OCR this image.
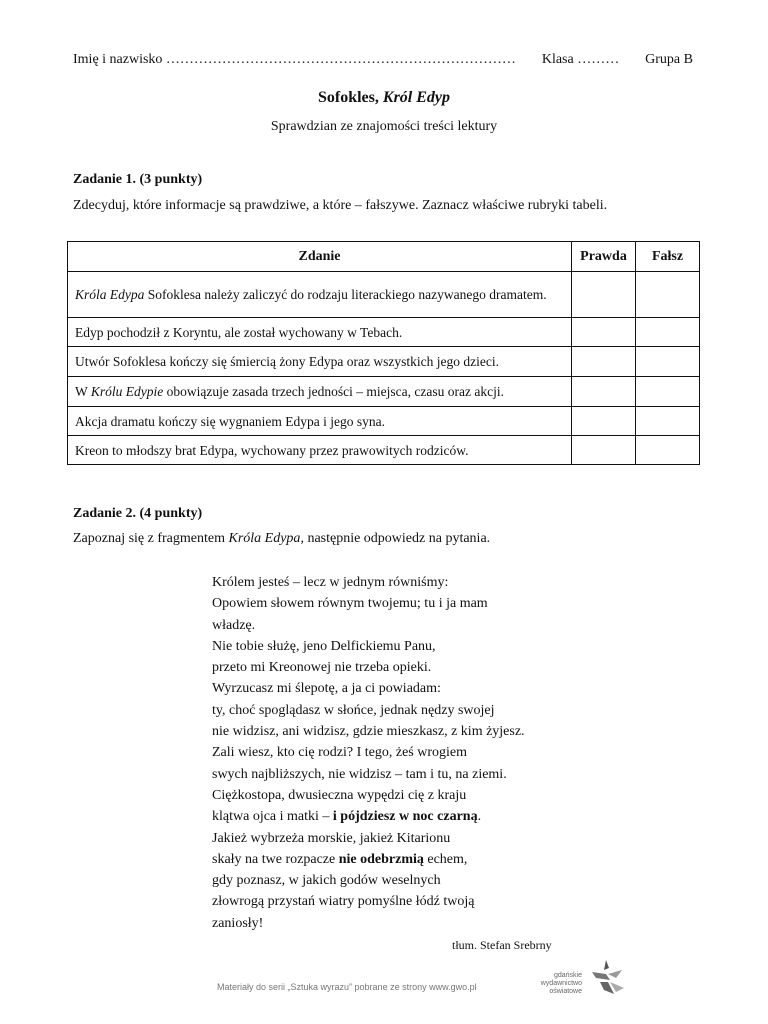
Imię i nazwisko ………………………………………………………………… Klasa ……… Grupa B
Sofokles, Król Edyp
Sprawdzian ze znajomości treści lektury
Zadanie 1. (3 punkty)
Zdecyduj, które informacje są prawdziwe, a które – fałszywe. Zaznacz właściwe rubryki tabeli.
Zdanie	Prawda	Fałsz
Króla Edypa Sofoklesa należy zaliczyć do rodzaju literackiego nazywanego dramatem.		
Edyp pochodził z Koryntu, ale został wychowany w Tebach.		
Utwór Sofoklesa kończy się śmiercią żony Edypa oraz wszystkich jego dzieci.		
W Królu Edypie obowiązuje zasada trzech jedności – miejsca, czasu oraz akcji.		
Akcja dramatu kończy się wygnaniem Edypa i jego syna.		
Kreon to młodszy brat Edypa, wychowany przez prawowitych rodziców.		
Zadanie 2. (4 punkty)
Zapoznaj się z fragmentem Króla Edypa, następnie odpowiedz na pytania.
Królem jesteś – lecz w jednym równiśmy:
Opowiem słowem równym twojemu; tu i ja mam
władzę.
Nie tobie służę, jeno Delfickiemu Panu,
przeto mi Kreonowej nie trzeba opieki.
Wyrzucasz mi ślepotę, a ja ci powiadam:
ty, choć spoglądasz w słońce, jednak nędzy swojej
nie widzisz, ani widzisz, gdzie mieszkasz, z kim żyjesz.
Zali wiesz, kto cię rodzi? I tego, żeś wrogiem
swych najbliższych, nie widzisz – tam i tu, na ziemi.
Ciężkostopa, dwusieczna wypędzi cię z kraju
klątwa ojca i matki – i pójdziesz w noc czarną.
Jakież wybrzeża morskie, jakież Kitarionu
skały na twe rozpacze nie odebrzmią echem,
gdy poznasz, w jakich godów weselnych
złowrogą przystań wiatry pomyślne łódź twoją
zaniosły!
tłum. Stefan Srebrny
Materiały do serii „Sztuka wyrazu” pobrane ze strony www.gwo.pl
gdańskie
wydawnictwo
oświatowe
